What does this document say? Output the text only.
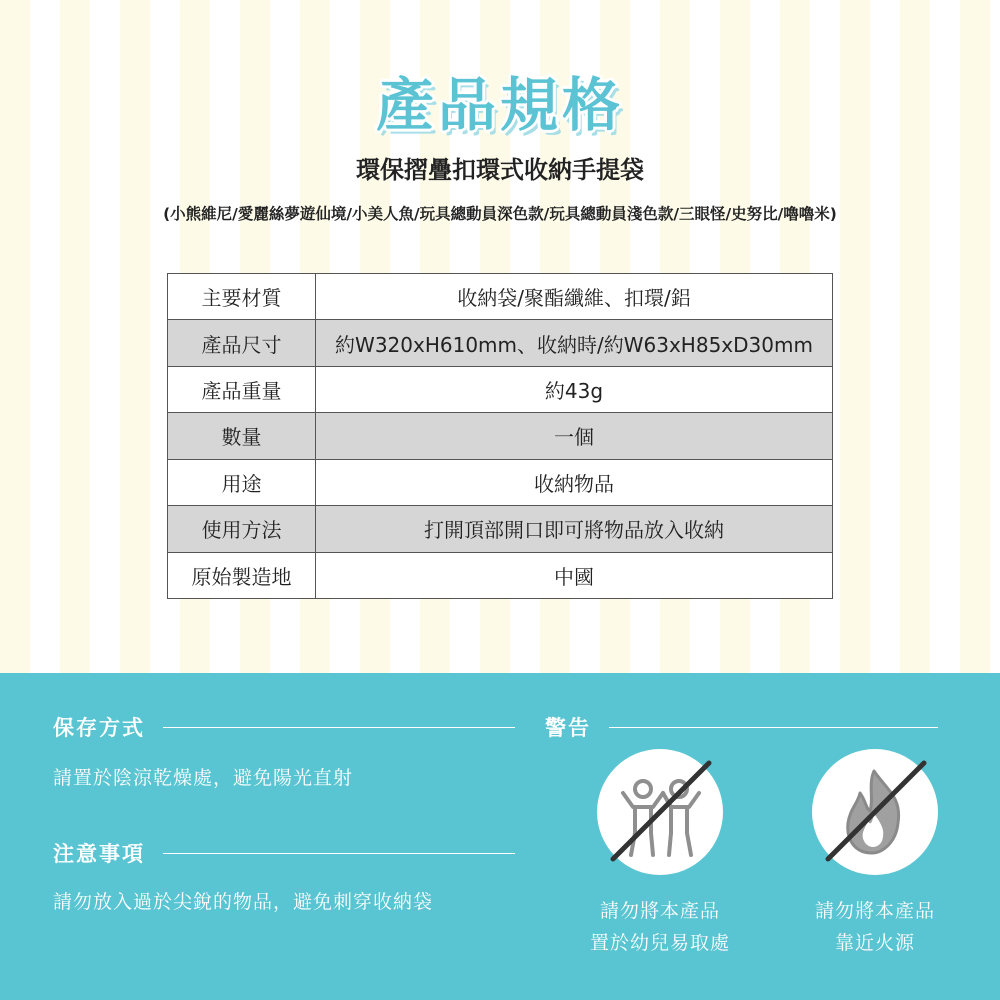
產品規格
環保摺疊扣環式收納手提袋
(小熊維尼/愛麗絲夢遊仙境/小美人魚/玩具總動員深色款/玩具總動員淺色款/三眼怪/史努比/嚕嚕米)
主要材質	收納袋/聚酯纖維、扣環/鋁
產品尺寸	約W320xH610mm、收納時/約W63xH85xD30mm
產品重量	約43g
數量	一個
用途	收納物品
使用方法	打開頂部開口即可將物品放入收納
原始製造地	中國
保存方式
請置於陰涼乾燥處，避免陽光直射
注意事項
請勿放入過於尖銳的物品，避免刺穿收納袋
警告
請勿將本產品
置於幼兒易取處
請勿將本產品
靠近火源
